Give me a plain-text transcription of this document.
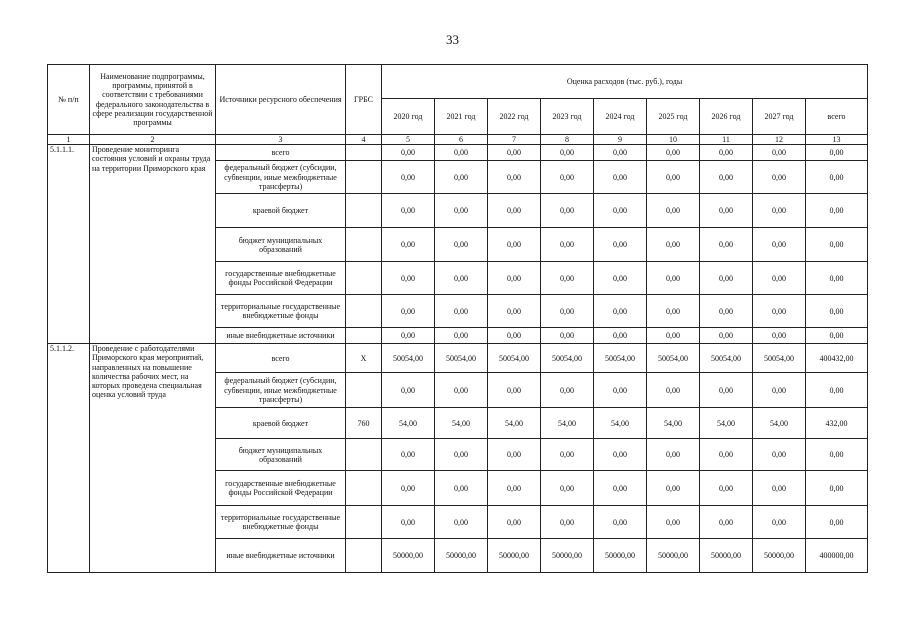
33
№ п/п	Наименование подпрограммы, программы, принятой в соответствии с требованиями федерального законодательства в сфере реализации государственной программы	Источники ресурсного обеспечения	ГРБС	Оценка расходов (тыс. руб.), годы								
				2020 год	2021 год	2022 год	2023 год	2024 год	2025 год	2026 год	2027 год	всего
1	2	3	4	5	6	7	8	9	10	11	12	13
5.1.1.1.	Проведение мониторинга состояния условий и охраны труда на территории Приморского края	всего		0,00	0,00	0,00	0,00	0,00	0,00	0,00	0,00	0,00
		федеральный бюджет (субсидии, субвенции, иные межбюджетные трансферты)		0,00	0,00	0,00	0,00	0,00	0,00	0,00	0,00	0,00
		краевой бюджет		0,00	0,00	0,00	0,00	0,00	0,00	0,00	0,00	0,00
		бюджет муниципальных образований		0,00	0,00	0,00	0,00	0,00	0,00	0,00	0,00	0,00
		государственные внебюджетные фонды Российской Федерации		0,00	0,00	0,00	0,00	0,00	0,00	0,00	0,00	0,00
		территориальные государственные внебюджетные фонды		0,00	0,00	0,00	0,00	0,00	0,00	0,00	0,00	0,00
		иные внебюджетные источники		0,00	0,00	0,00	0,00	0,00	0,00	0,00	0,00	0,00
5.1.1.2.	Проведение с работодателями Приморского края мероприятий, направленных на повышение количества рабочих мест, на которых проведена специальная оценка условий труда	всего	X	50054,00	50054,00	50054,00	50054,00	50054,00	50054,00	50054,00	50054,00	400432,00
		федеральный бюджет (субсидии, субвенции, иные межбюджетные трансферты)		0,00	0,00	0,00	0,00	0,00	0,00	0,00	0,00	0,00
		краевой бюджет	760	54,00	54,00	54,00	54,00	54,00	54,00	54,00	54,00	432,00
		бюджет муниципальных образований		0,00	0,00	0,00	0,00	0,00	0,00	0,00	0,00	0,00
		государственные внебюджетные фонды Российской Федерации		0,00	0,00	0,00	0,00	0,00	0,00	0,00	0,00	0,00
		территориальные государственные внебюджетные фонды		0,00	0,00	0,00	0,00	0,00	0,00	0,00	0,00	0,00
		иные внебюджетные источники		50000,00	50000,00	50000,00	50000,00	50000,00	50000,00	50000,00	50000,00	400000,00
